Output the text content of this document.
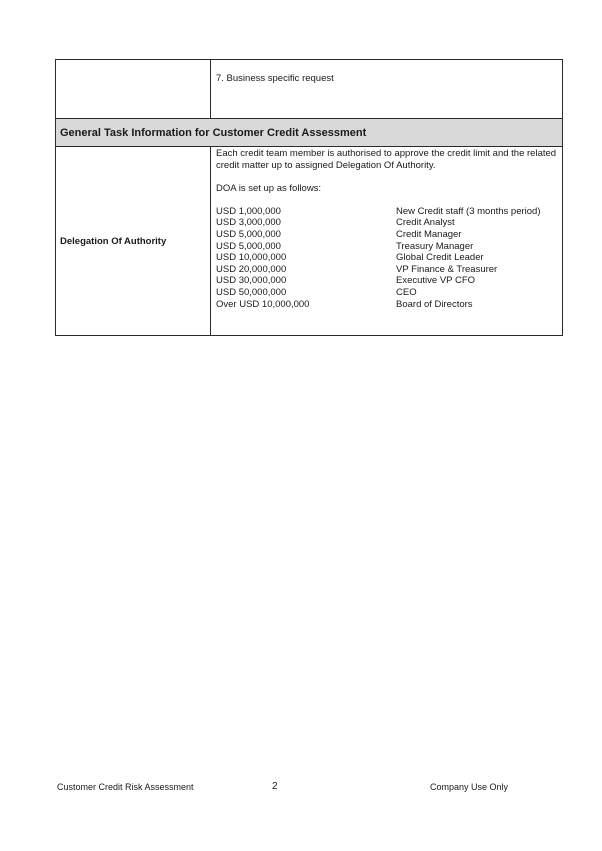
7. Business specific request
General Task Information for Customer Credit Assessment
Delegation Of Authority
Each credit team member is authorised to approve the credit limit and the related credit matter up to assigned Delegation Of Authority.
DOA is set up as follows:
USD 1,000,000	New Credit staff (3 months period)
USD 3,000,000	Credit Analyst
USD 5,000,000	Credit Manager
USD 5,000,000	Treasury Manager
USD 10,000,000	Global Credit Leader
USD 20,000,000	VP Finance & Treasurer
USD 30,000,000	Executive VP CFO
USD 50,000,000	CEO
Over USD 10,000,000	Board of Directors
Customer Credit Risk Assessment	2	Company Use Only
